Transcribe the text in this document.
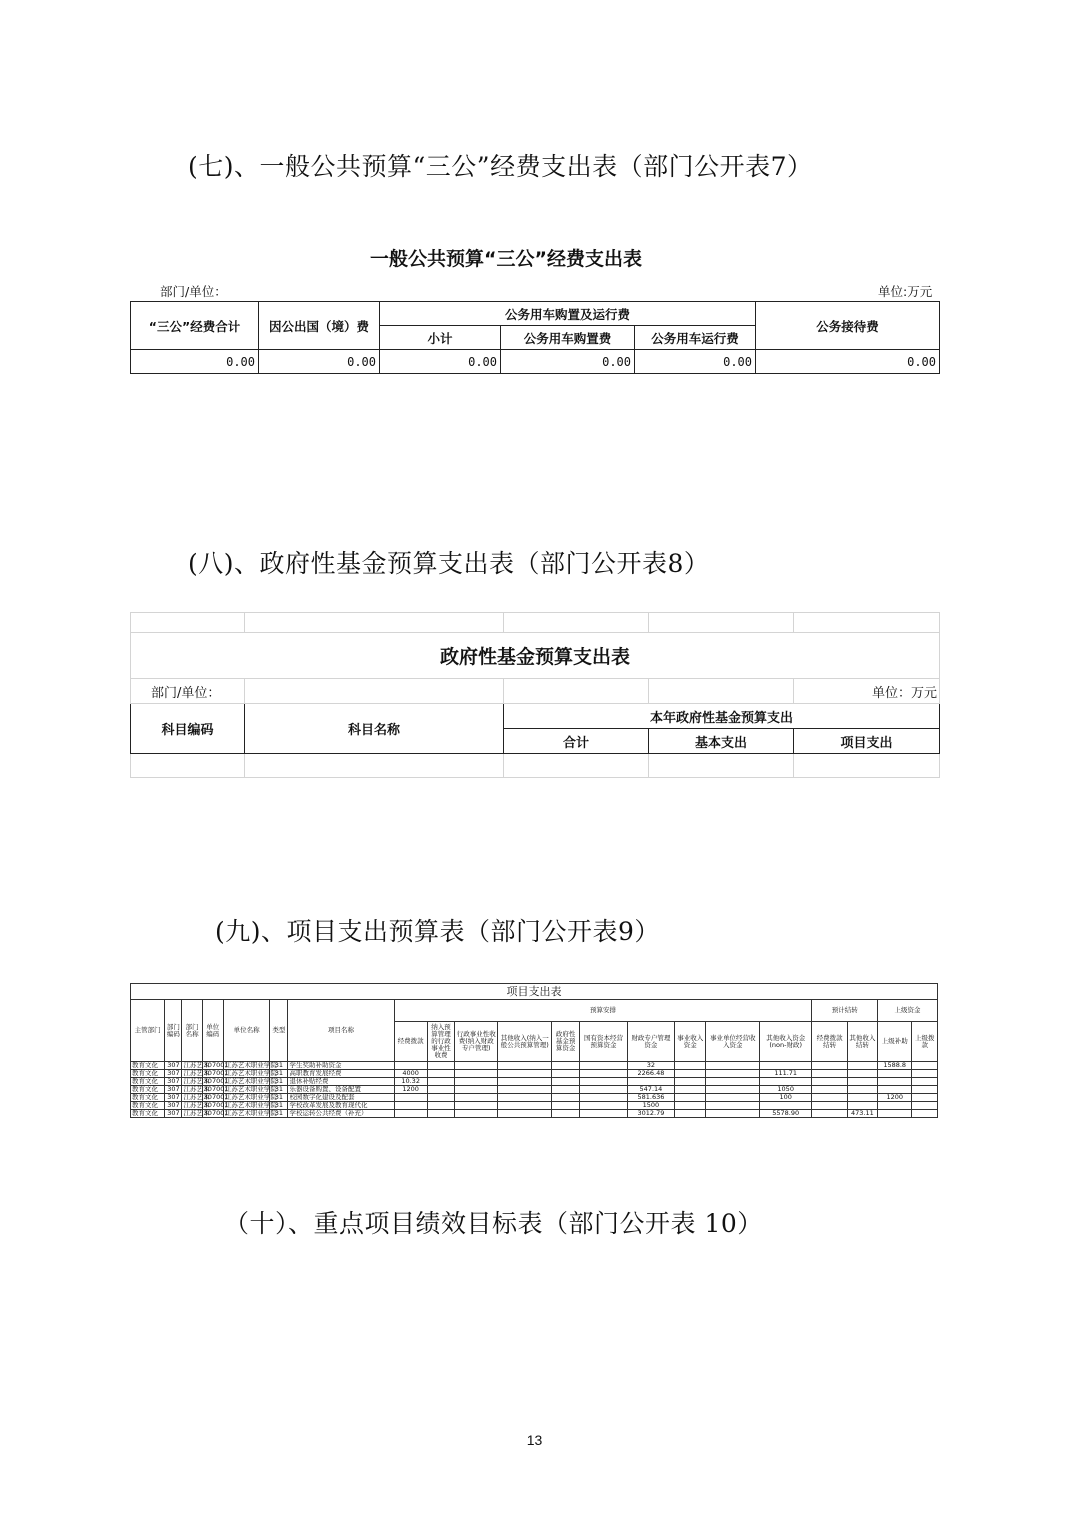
(七)、一般公共预算“三公”经费支出表（部门公开表7）
一般公共预算“三公”经费支出表
部门/单位：	单位:万元
“三公”经费合计	因公出国（境）费	公务用车购置及运行费			公务接待费
		小计	公务用车购置费	公务用车运行费	
0.00	0.00	0.00	0.00	0.00	0.00
(八)、政府性基金预算支出表（部门公开表8）

政府性基金预算支出表				
部门/单位：				单位：万元
科目编码	科目名称	本年政府性基金预算支出		
		合计	基本支出	项目支出

(九)、项目支出预算表（部门公开表9）
项目支出表																				
主管部门	部门编码	部门名称	单位编码	单位名称	类型	项目名称	预算安排										预计结转		上级资金	
							经费拨款	纳入预算管理的行政事业性收费	行政事业性收费(纳入财政专户管理)	其他收入(纳入一般公共预算管理)	政府性基金预算资金	国有资本经营预算资金	财政专户管理资金	事业收入资金	事业单位经营收入资金	其他收入资金(non-财政)	经费拨款结转	其他收入结转	上级补助	上级拨款
教育文化	307	江苏艺术	307001	江苏艺术职业学院	31	学生奖助补助资金							32						1588.8	
教育文化	307	江苏艺术	307001	江苏艺术职业学院	31	高职教育发展经费	4000						2266.48			111.71				
教育文化	307	江苏艺术	307001	江苏艺术职业学院	31	退休补贴经费	10.32													
教育文化	307	江苏艺术	307001	江苏艺术职业学院	31	乐器设备购置、设备配置	1200						547.14			1050				
教育文化	307	江苏艺术	307001	江苏艺术职业学院	31	校园数字化建设及配套							581.636			100			1200	
教育文化	307	江苏艺术	307001	江苏艺术职业学院	31	学校改革发展及教育现代化							1500							
教育文化	307	江苏艺术	307001	江苏艺术职业学院	31	学校运转公共经费（补充）							3012.79			5578.90		473.11		
（十）、重点项目绩效目标表（部门公开表 10）
13
